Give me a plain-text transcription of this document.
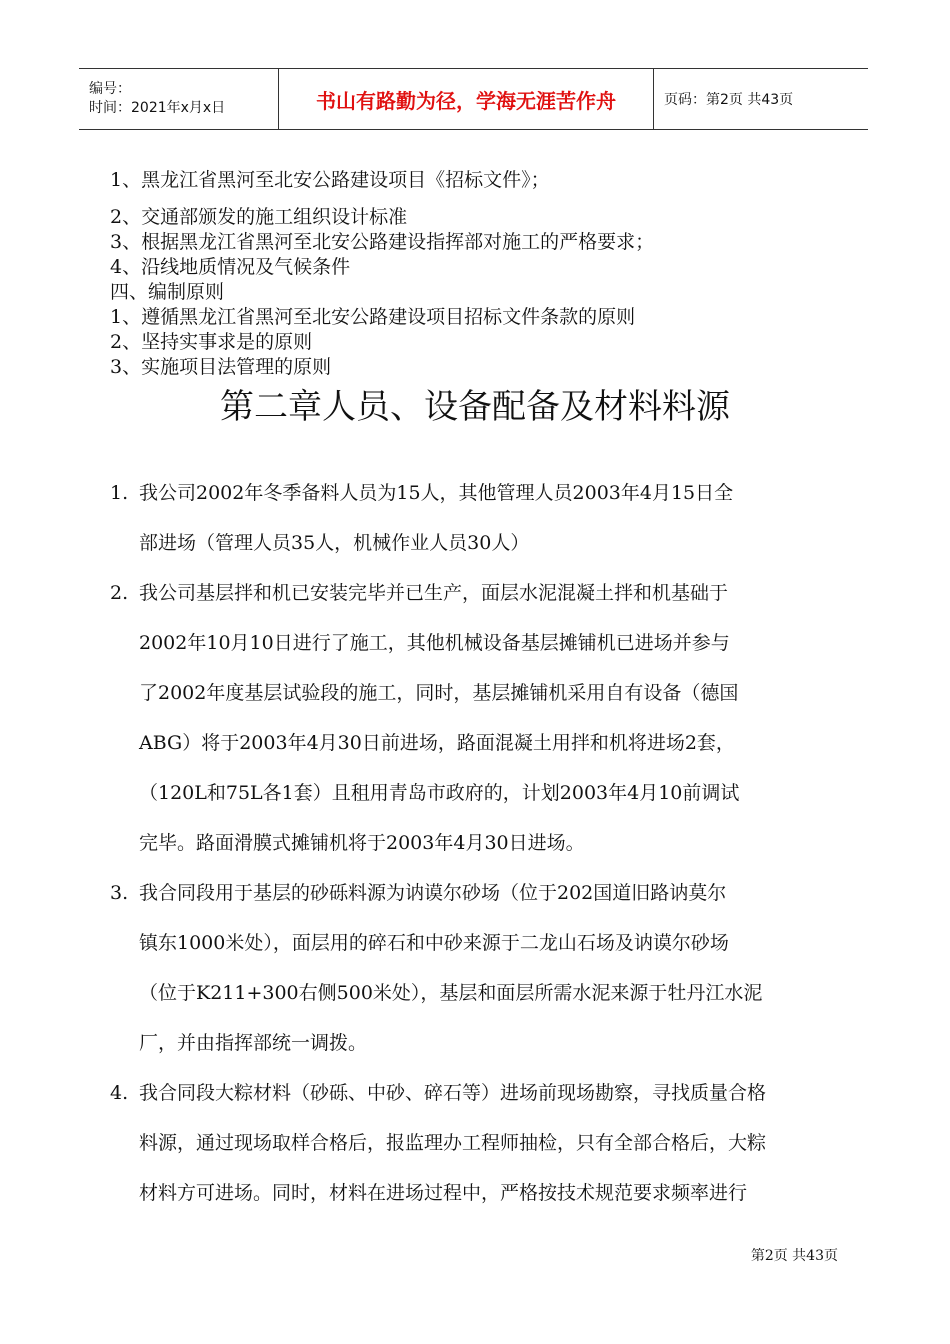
编号：
时间：2021年x月x日	书山有路勤为径，学海无涯苦作舟	页码：第2页 共43页
1、黑龙江省黑河至北安公路建设项目《招标文件》；
2、交通部颁发的施工组织设计标准
3、根据黑龙江省黑河至北安公路建设指挥部对施工的严格要求；
4、沿线地质情况及气候条件
四、编制原则
1、遵循黑龙江省黑河至北安公路建设项目招标文件条款的原则
2、坚持实事求是的原则
3、实施项目法管理的原则
第二章人员、设备配备及材料料源
1. 我公司2002年冬季备料人员为15人，其他管理人员2003年4月15日全
部进场（管理人员35人，机械作业人员30人）
2. 我公司基层拌和机已安装完毕并已生产，面层水泥混凝土拌和机基础于
2002年10月10日进行了施工，其他机械设备基层摊铺机已进场并参与
了2002年度基层试验段的施工，同时，基层摊铺机采用自有设备（德国
ABG）将于2003年4月30日前进场，路面混凝土用拌和机将进场2套，
（120L和75L各1套）且租用青岛市政府的，计划2003年4月10前调试
完毕。路面滑膜式摊铺机将于2003年4月30日进场。
3. 我合同段用于基层的砂砾料源为讷谟尔砂场（位于202国道旧路讷莫尔
镇东1000米处），面层用的碎石和中砂来源于二龙山石场及讷谟尔砂场
（位于K211+300右侧500米处），基层和面层所需水泥来源于牡丹江水泥
厂，并由指挥部统一调拨。
4. 我合同段大粽材料（砂砾、中砂、碎石等）进场前现场勘察，寻找质量合格
料源，通过现场取样合格后，报监理办工程师抽检，只有全部合格后，大粽
材料方可进场。同时，材料在进场过程中，严格按技术规范要求频率进行
第2页 共43页
